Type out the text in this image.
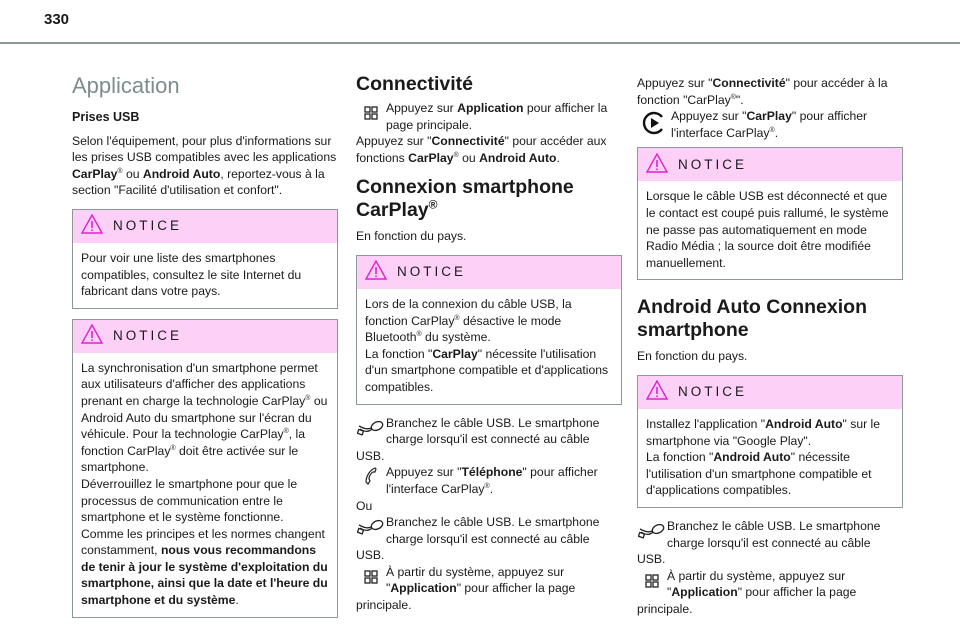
330
Application
Prises USB

Selon l'équipement, pour plus d'informations sur les prises USB compatibles avec les applications CarPlay® ou Android Auto, reportez-vous à la section "Facilité d'utilisation et confort".

NOTICE
Pour voir une liste des smartphones compatibles, consultez le site Internet du fabricant dans votre pays.
NOTICE
La synchronisation d'un smartphone permet aux utilisateurs d'afficher des applications prenant en charge la technologie CarPlay® ou Android Auto du smartphone sur l'écran du véhicule. Pour la technologie CarPlay®, la fonction CarPlay® doit être activée sur le smartphone.
Déverrouillez le smartphone pour que le processus de communication entre le smartphone et le système fonctionne.
Comme les principes et les normes changent constamment, nous vous recommandons de tenir à jour le système d'exploitation du smartphone, ainsi que la date et l'heure du smartphone et du système.
Connectivité

Appuyez sur Application pour afficher la page principale.

Appuyez sur "Connectivité" pour accéder aux fonctions CarPlay® ou Android Auto.

Connexion smartphone CarPlay®

En fonction du pays.

NOTICE
Lors de la connexion du câble USB, la fonction CarPlay® désactive le mode Bluetooth® du système.
La fonction "CarPlay" nécessite l'utilisation d'un smartphone compatible et d'applications compatibles.

Branchez le câble USB. Le smartphone charge lorsqu'il est connecté au câble

USB.

Appuyez sur "Téléphone" pour afficher l'interface CarPlay®.

Ou

Branchez le câble USB. Le smartphone charge lorsqu'il est connecté au câble

USB.

À partir du système, appuyez sur "Application" pour afficher la page

principale.

Appuyez sur "Connectivité" pour accéder à la fonction "CarPlay®".

Appuyez sur "CarPlay" pour afficher l'interface CarPlay®.

NOTICE
Lorsque le câble USB est déconnecté et que le contact est coupé puis rallumé, le système ne passe pas automatiquement en mode Radio Média ; la source doit être modifiée manuellement.
Android Auto Connexion smartphone

En fonction du pays.

NOTICE
Installez l'application "Android Auto" sur le smartphone via "Google Play".
La fonction "Android Auto" nécessite l'utilisation d'un smartphone compatible et d'applications compatibles.

Branchez le câble USB. Le smartphone charge lorsqu'il est connecté au câble

USB.

À partir du système, appuyez sur "Application" pour afficher la page

principale.
